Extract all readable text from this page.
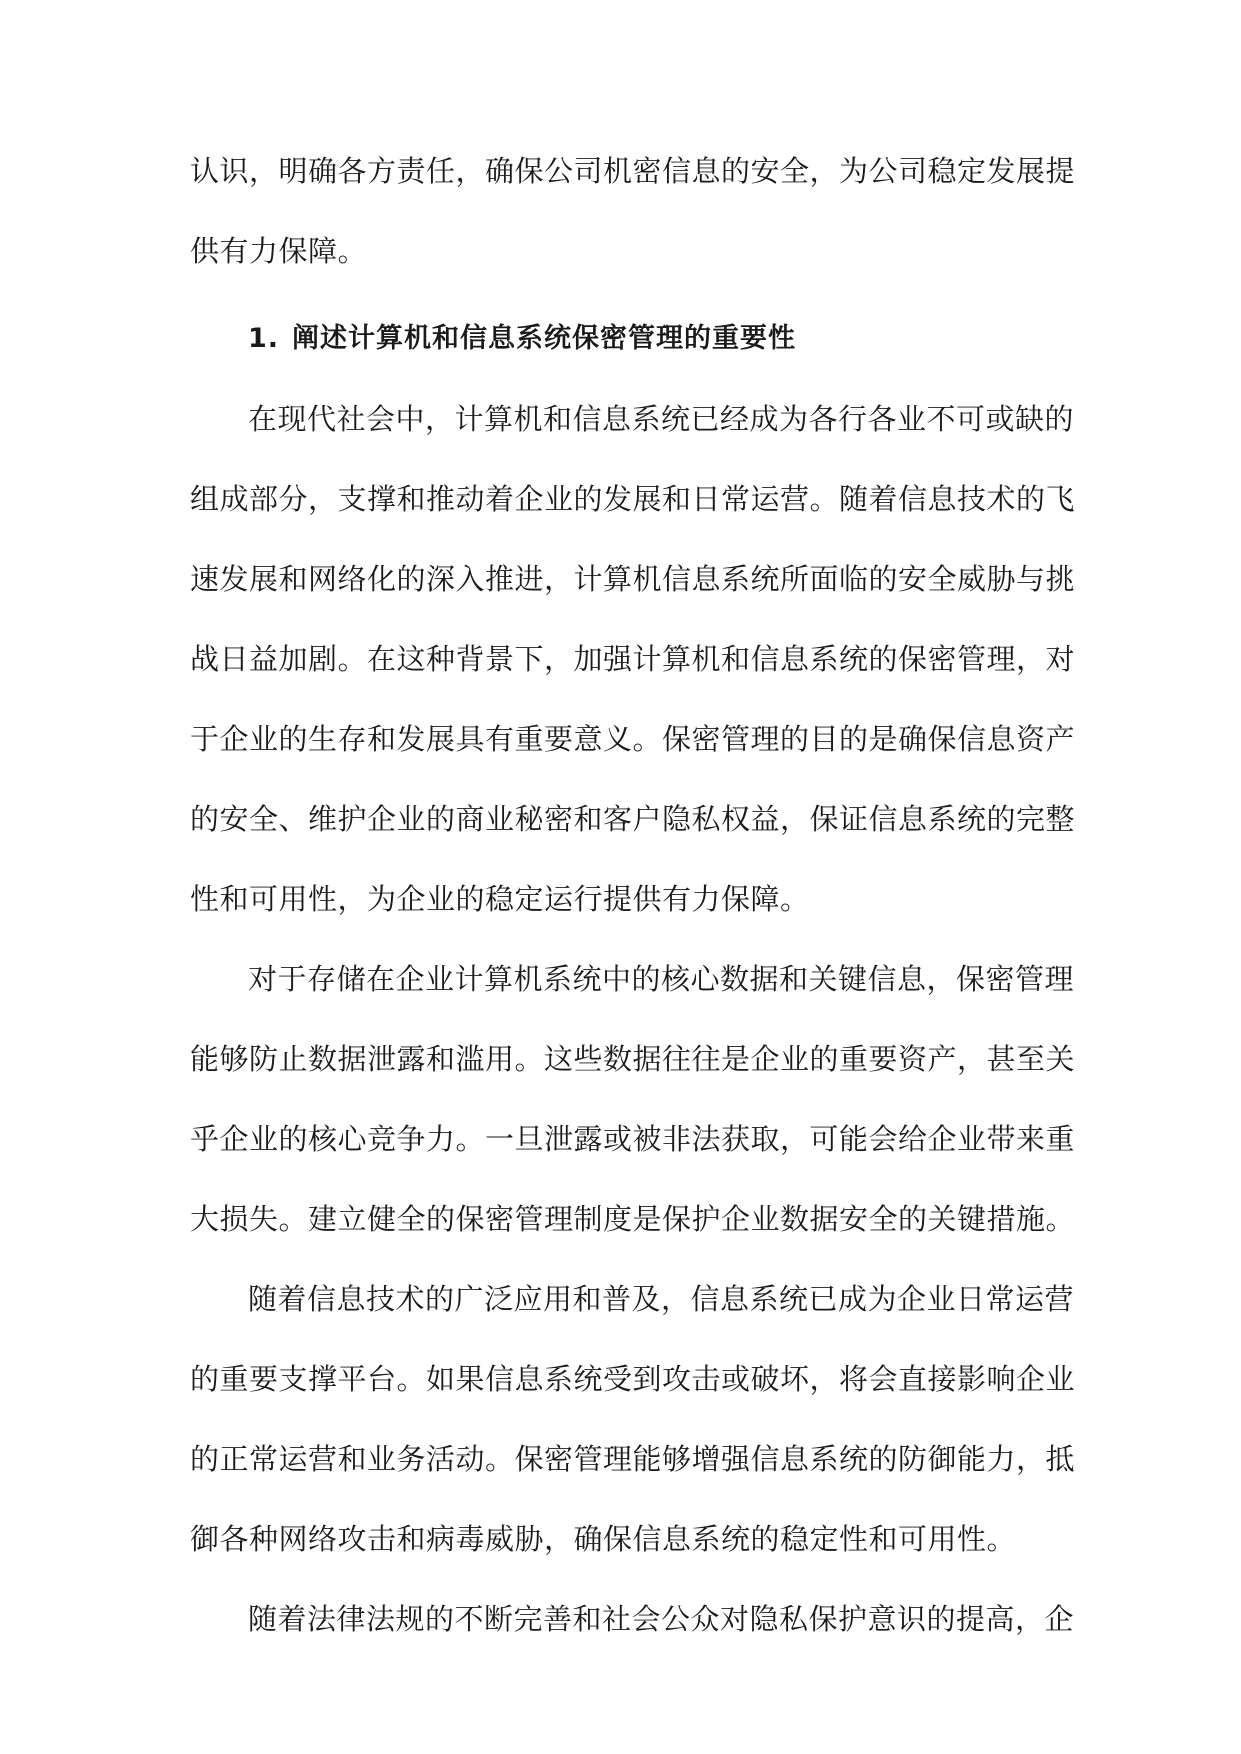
认识，明确各方责任，确保公司机密信息的安全，为公司稳定发展提
供有力保障。
1. 阐述计算机和信息系统保密管理的重要性
在现代社会中，计算机和信息系统已经成为各行各业不可或缺的
组成部分，支撑和推动着企业的发展和日常运营。随着信息技术的飞
速发展和网络化的深入推进，计算机信息系统所面临的安全威胁与挑
战日益加剧。在这种背景下，加强计算机和信息系统的保密管理，对
于企业的生存和发展具有重要意义。保密管理的目的是确保信息资产
的安全、维护企业的商业秘密和客户隐私权益，保证信息系统的完整
性和可用性，为企业的稳定运行提供有力保障。
对于存储在企业计算机系统中的核心数据和关键信息，保密管理
能够防止数据泄露和滥用。这些数据往往是企业的重要资产，甚至关
乎企业的核心竞争力。一旦泄露或被非法获取，可能会给企业带来重
大损失。建立健全的保密管理制度是保护企业数据安全的关键措施。
随着信息技术的广泛应用和普及，信息系统已成为企业日常运营
的重要支撑平台。如果信息系统受到攻击或破坏，将会直接影响企业
的正常运营和业务活动。保密管理能够增强信息系统的防御能力，抵
御各种网络攻击和病毒威胁，确保信息系统的稳定性和可用性。
随着法律法规的不断完善和社会公众对隐私保护意识的提高，企
